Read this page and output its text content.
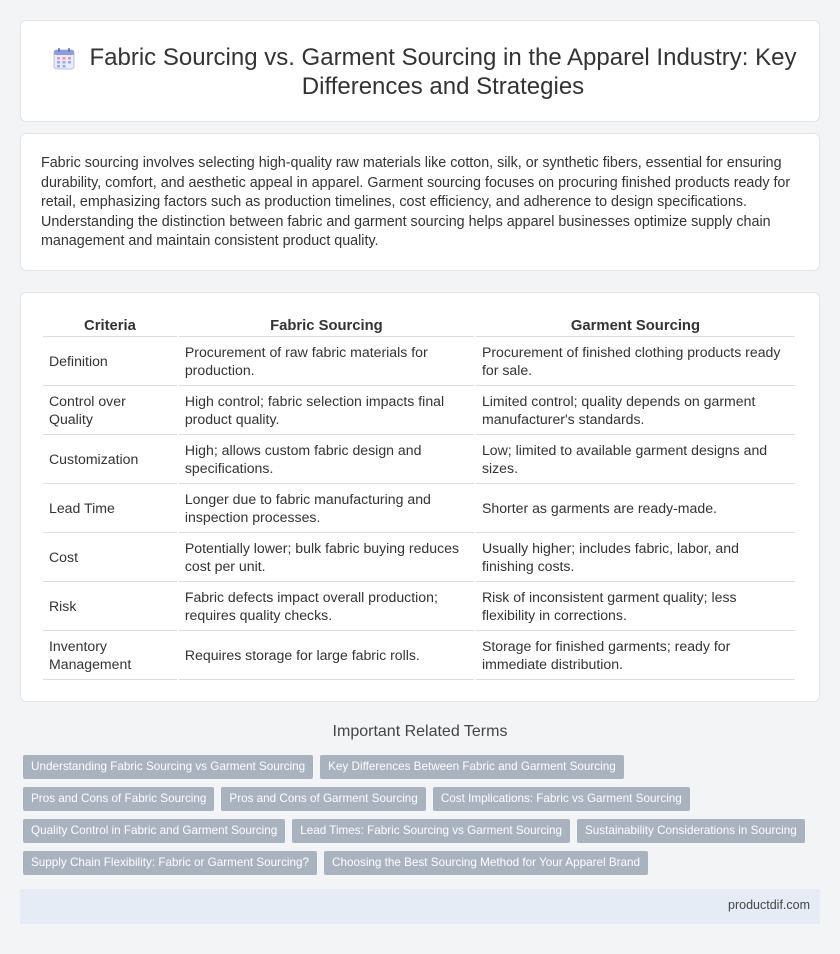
Fabric Sourcing vs. Garment Sourcing in the Apparel Industry: Key Differences and Strategies

Fabric sourcing involves selecting high-quality raw materials like cotton, silk, or synthetic fibers, essential for ensuring durability, comfort, and aesthetic appeal in apparel. Garment sourcing focuses on procuring finished products ready for retail, emphasizing factors such as production timelines, cost efficiency, and adherence to design specifications. Understanding the distinction between fabric and garment sourcing helps apparel businesses optimize supply chain management and maintain consistent product quality.

Criteria	Fabric Sourcing	Garment Sourcing
Definition	Procurement of raw fabric materials for production.	Procurement of finished clothing products ready for sale.
Control over Quality	High control; fabric selection impacts final product quality.	Limited control; quality depends on garment manufacturer's standards.
Customization	High; allows custom fabric design and specifications.	Low; limited to available garment designs and sizes.
Lead Time	Longer due to fabric manufacturing and inspection processes.	Shorter as garments are ready-made.
Cost	Potentially lower; bulk fabric buying reduces cost per unit.	Usually higher; includes fabric, labor, and finishing costs.
Risk	Fabric defects impact overall production; requires quality checks.	Risk of inconsistent garment quality; less flexibility in corrections.
Inventory Management	Requires storage for large fabric rolls.	Storage for finished garments; ready for immediate distribution.
Important Related Terms
Understanding Fabric Sourcing vs Garment Sourcing	Key Differences Between Fabric and Garment Sourcing
Pros and Cons of Fabric Sourcing	Pros and Cons of Garment Sourcing	Cost Implications: Fabric vs Garment Sourcing
Quality Control in Fabric and Garment Sourcing	Lead Times: Fabric Sourcing vs Garment Sourcing	Sustainability Considerations in Sourcing
Supply Chain Flexibility: Fabric or Garment Sourcing?	Choosing the Best Sourcing Method for Your Apparel Brand
productdif.com
